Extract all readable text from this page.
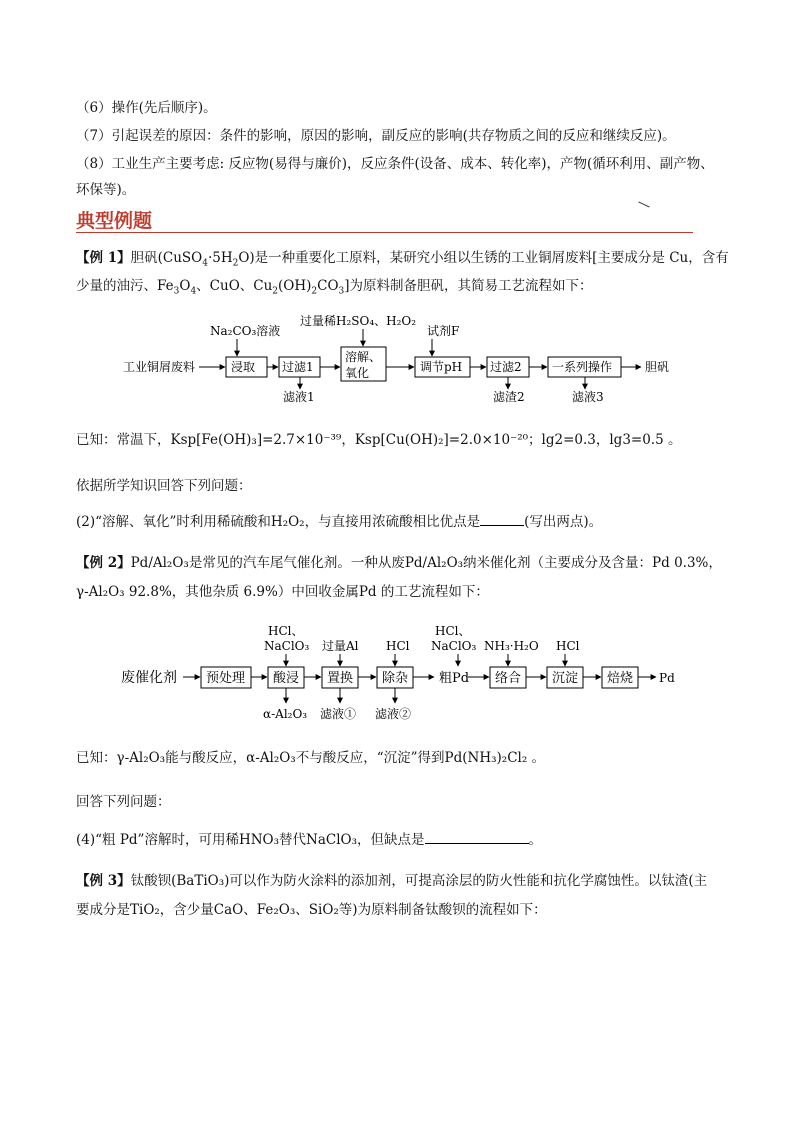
（6）操作(先后顺序)。
（7）引起误差的原因：条件的影响，原因的影响，副反应的影响(共存物质之间的反应和继续反应)。
（8）工业生产主要考虑: 反应物(易得与廉价)，反应条件(设备、成本、转化率)，产物(循环利用、副产物、
环保等)。
典型例题
【例 1】胆矾$(CuSO_4\cdot 5H_2O)$是一种重要化工原料，某研究小组以生锈的工业铜屑废料[主要成分是 Cu，含有
少量的油污、$Fe_3O_4$、CuO、$Cu_2(OH)_2CO_3$]为原料制备胆矾，其简易工艺流程如下：
工业铜屑废料
Na₂CO₃溶液
浸取 过滤1
滤液1
过量稀H₂SO₄、H₂O₂
溶解、
氧化
试剂F
调节pH 过滤2
滤渣2
一系列操作
滤液3
胆矾
已知：常温下，Ksp[Fe(OH)₃]=2.7×10⁻³⁹，Ksp[Cu(OH)₂]=2.0×10⁻²⁰；lg2=0.3，lg3=0.5 。
依据所学知识回答下列问题：
(2)“溶解、氧化”时利用稀硫酸和H₂O₂，与直接用浓硫酸相比优点是	(写出两点)。
【例 2】Pd/Al₂O₃是常见的汽车尾气催化剂。一种从废Pd/Al₂O₃纳米催化剂（主要成分及含量：Pd 0.3%，
γ-Al₂O₃ 92.8%，其他杂质 6.9%）中回收金属Pd 的工艺流程如下：
废催化剂 预处理
HCl、
NaClO₃
酸浸
α-Al₂O₃
过量Al
置换
滤液①
HCl
除杂
滤液②
粗Pd
HCl、
NaClO₃
络合
NH₃·H₂O
沉淀
HCl
焙烧 Pd
已知：γ-Al₂O₃能与酸反应，α-Al₂O₃不与酸反应，“沉淀”得到Pd(NH₃)₂Cl₂ 。
回答下列问题：
(4)“粗 Pd”溶解时，可用稀HNO₃替代NaClO₃，但缺点是	。
【例 3】钛酸钡(BaTiO₃)可以作为防火涂料的添加剂，可提高涂层的防火性能和抗化学腐蚀性。以钛渣(主
要成分是TiO₂，含少量CaO、Fe₂O₃、SiO₂等)为原料制备钛酸钡的流程如下：
